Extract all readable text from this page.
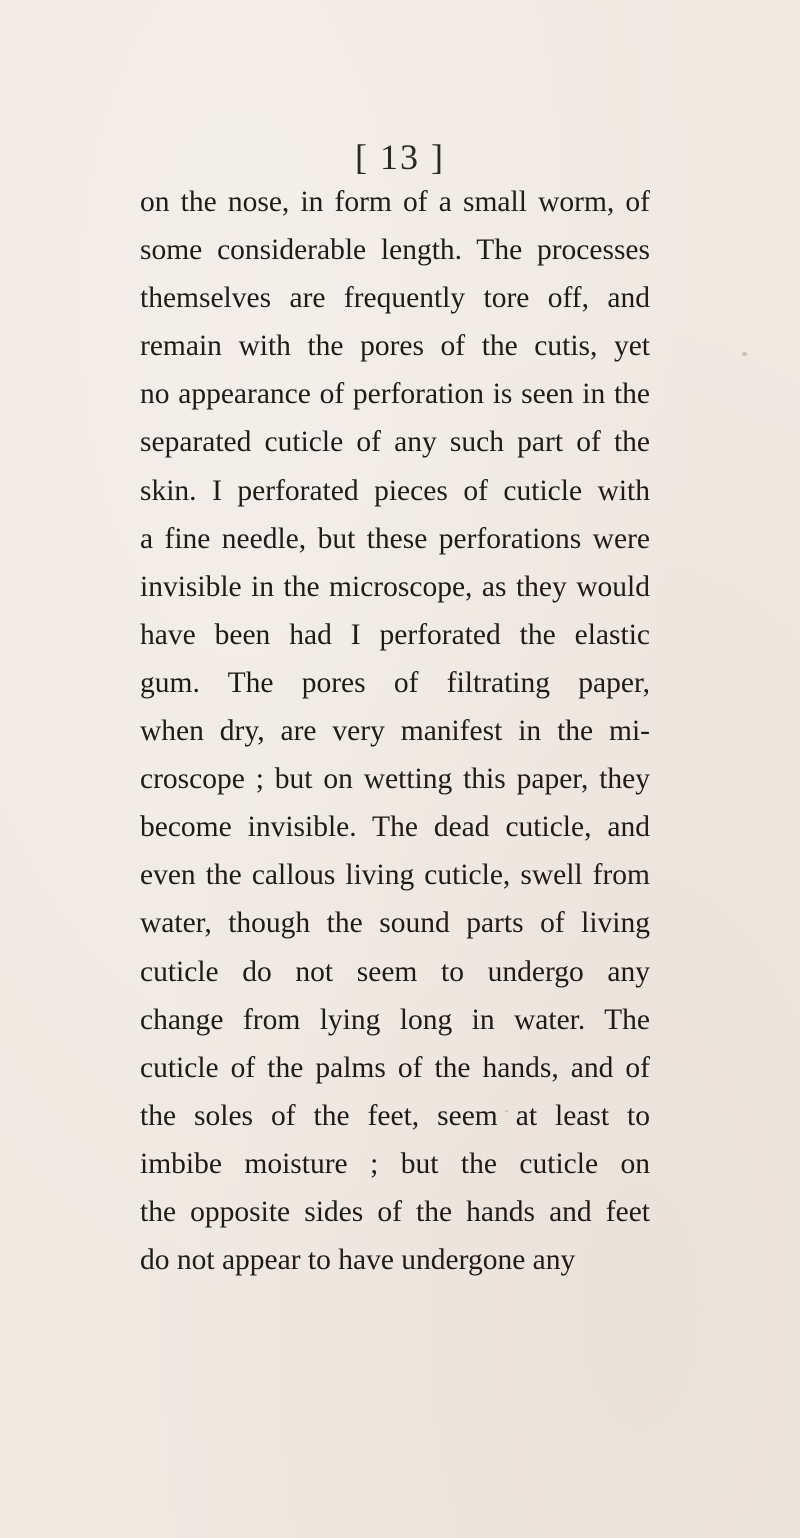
[ 13 ]
on the nose, in form of a small worm, of
some considerable length. The processes
themselves are frequently tore off, and
remain with the pores of the cutis, yet
no appearance of perforation is seen in the
separated cuticle of any such part of the
skin. I perforated pieces of cuticle with
a fine needle, but these perforations were
invisible in the microscope, as they would
have been had I perforated the elastic
gum. The pores of filtrating paper,
when dry, are very manifest in the mi-
croscope ; but on wetting this paper, they
become invisible. The dead cuticle, and
even the callous living cuticle, swell from
water, though the sound parts of living
cuticle do not seem to undergo any
change from lying long in water. The
cuticle of the palms of the hands, and of
the soles of the feet, seem at least to
imbibe moisture ; but the cuticle on
the opposite sides of the hands and feet
do not appear to have undergone any
